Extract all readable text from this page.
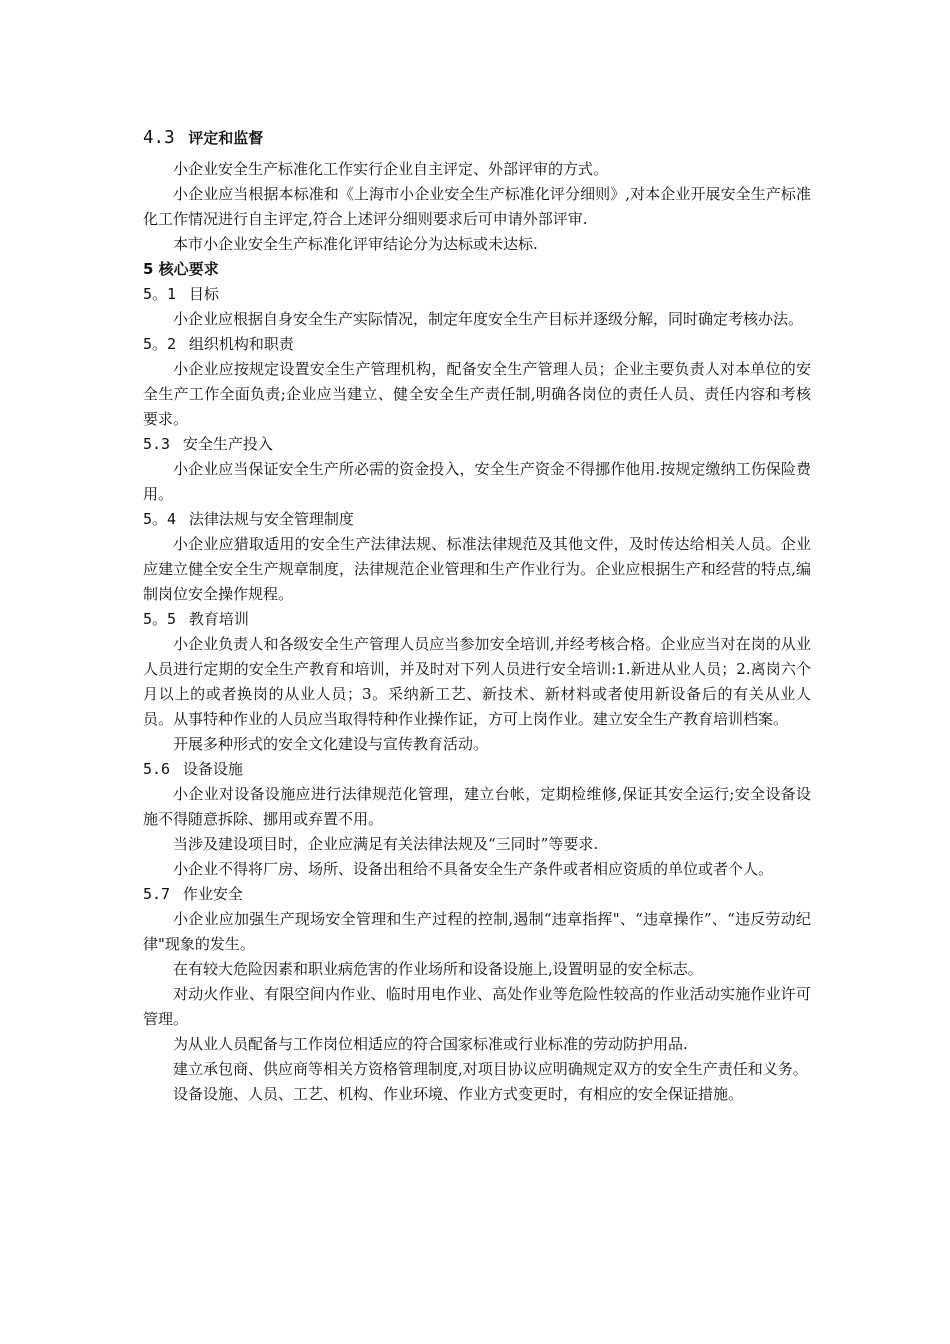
4.3 评定和监督

小企业安全生产标准化工作实行企业自主评定、外部评审的方式。

小企业应当根据本标准和《上海市小企业安全生产标准化评分细则》,对本企业开展安全生产标准化工作情况进行自主评定,符合上述评分细则要求后可申请外部评审.

本市小企业安全生产标准化评审结论分为达标或未达标.

5 核心要求
5。1 目标

小企业应根据自身安全生产实际情况，制定年度安全生产目标并逐级分解，同时确定考核办法。

5。2 组织机构和职责

小企业应按规定设置安全生产管理机构，配备安全生产管理人员；企业主要负责人对本单位的安全生产工作全面负责;企业应当建立、健全安全生产责任制,明确各岗位的责任人员、责任内容和考核要求。

5.3 安全生产投入

小企业应当保证安全生产所必需的资金投入，安全生产资金不得挪作他用.按规定缴纳工伤保险费用。

5。4 法律法规与安全管理制度

小企业应猎取适用的安全生产法律法规、标准法律规范及其他文件，及时传达给相关人员。企业应建立健全安全生产规章制度，法律规范企业管理和生产作业行为。企业应根据生产和经营的特点,编制岗位安全操作规程。

5。5 教育培训

小企业负责人和各级安全生产管理人员应当参加安全培训,并经考核合格。企业应当对在岗的从业人员进行定期的安全生产教育和培训，并及时对下列人员进行安全培训:1.新进从业人员；2.离岗六个月以上的或者换岗的从业人员；3。采纳新工艺、新技术、新材料或者使用新设备后的有关从业人员。从事特种作业的人员应当取得特种作业操作证，方可上岗作业。建立安全生产教育培训档案。

开展多种形式的安全文化建设与宣传教育活动。

5.6 设备设施

小企业对设备设施应进行法律规范化管理，建立台帐，定期检维修,保证其安全运行;安全设备设施不得随意拆除、挪用或弃置不用。

当涉及建设项目时，企业应满足有关法律法规及“三同时”等要求.

小企业不得将厂房、场所、设备出租给不具备安全生产条件或者相应资质的单位或者个人。

5.7 作业安全

小企业应加强生产现场安全管理和生产过程的控制,遏制“违章指挥"、“违章操作”、“违反劳动纪律"现象的发生。

在有较大危险因素和职业病危害的作业场所和设备设施上,设置明显的安全标志。

对动火作业、有限空间内作业、临时用电作业、高处作业等危险性较高的作业活动实施作业许可管理。

为从业人员配备与工作岗位相适应的符合国家标准或行业标准的劳动防护用品.

建立承包商、供应商等相关方资格管理制度,对项目协议应明确规定双方的安全生产责任和义务。

设备设施、人员、工艺、机构、作业环境、作业方式变更时，有相应的安全保证措施。
